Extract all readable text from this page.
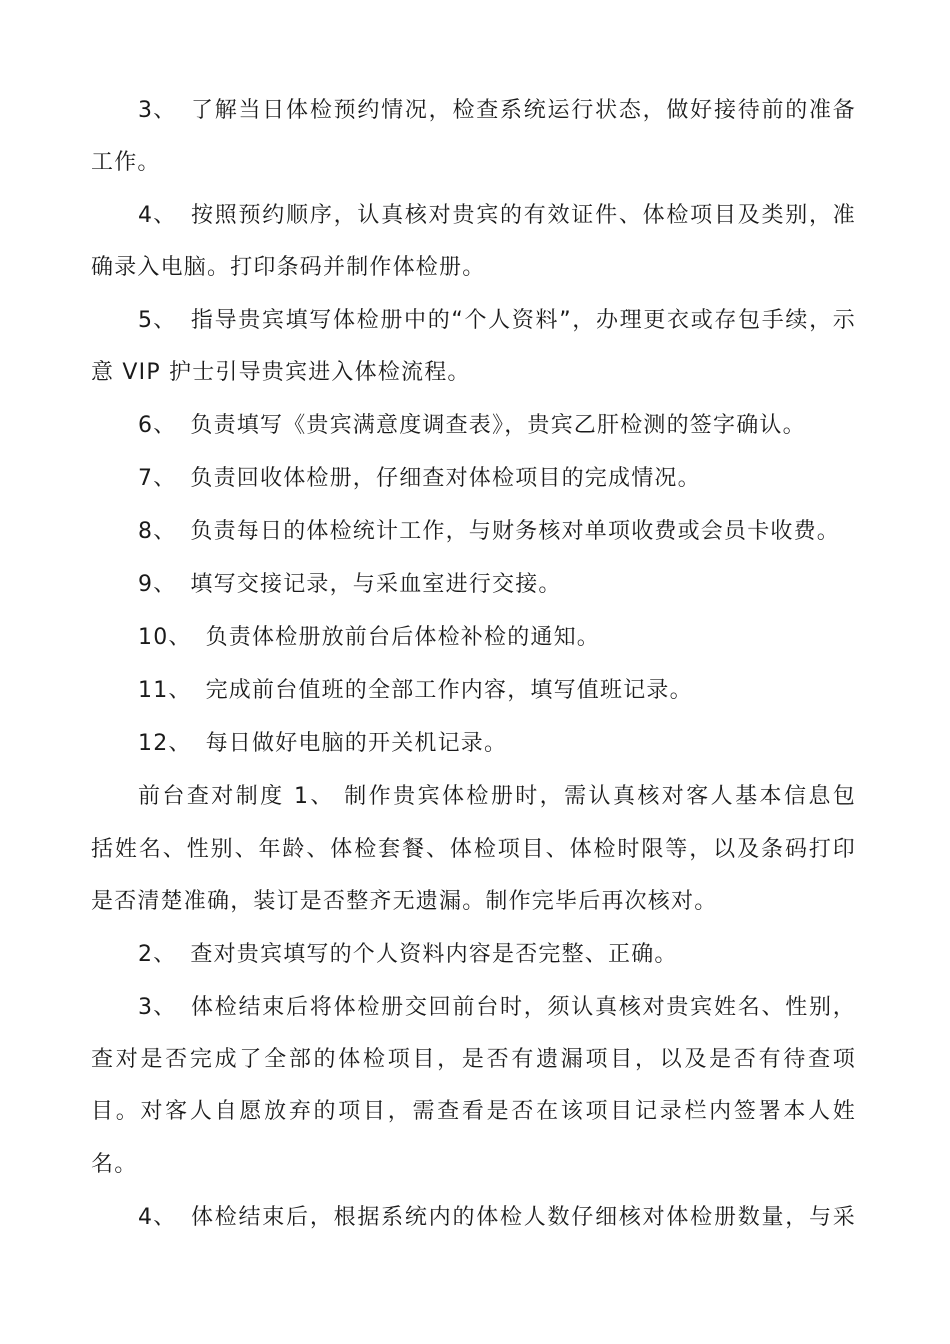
3、 了解当日体检预约情况，检查系统运行状态，做好接待前的准备
工作。
4、 按照预约顺序，认真核对贵宾的有效证件、体检项目及类别，准
确录入电脑。打印条码并制作体检册。
5、 指导贵宾填写体检册中的“个人资料”，办理更衣或存包手续，示
意 VIP 护士引导贵宾进入体检流程。
6、 负责填写《贵宾满意度调查表》，贵宾乙肝检测的签字确认。
7、 负责回收体检册，仔细查对体检项目的完成情况。
8、 负责每日的体检统计工作，与财务核对单项收费或会员卡收费。
9、 填写交接记录，与采血室进行交接。
10、 负责体检册放前台后体检补检的通知。
11、 完成前台值班的全部工作内容，填写值班记录。
12、 每日做好电脑的开关机记录。
前台查对制度 1、 制作贵宾体检册时，需认真核对客人基本信息包
括姓名、性别、年龄、体检套餐、体检项目、体检时限等，以及条码打印
是否清楚准确，装订是否整齐无遗漏。制作完毕后再次核对。
2、 查对贵宾填写的个人资料内容是否完整、正确。
3、 体检结束后将体检册交回前台时，须认真核对贵宾姓名、性别，
查对是否完成了全部的体检项目，是否有遗漏项目，以及是否有待查项
目。对客人自愿放弃的项目，需查看是否在该项目记录栏内签署本人姓
名。
4、 体检结束后，根据系统内的体检人数仔细核对体检册数量，与采
